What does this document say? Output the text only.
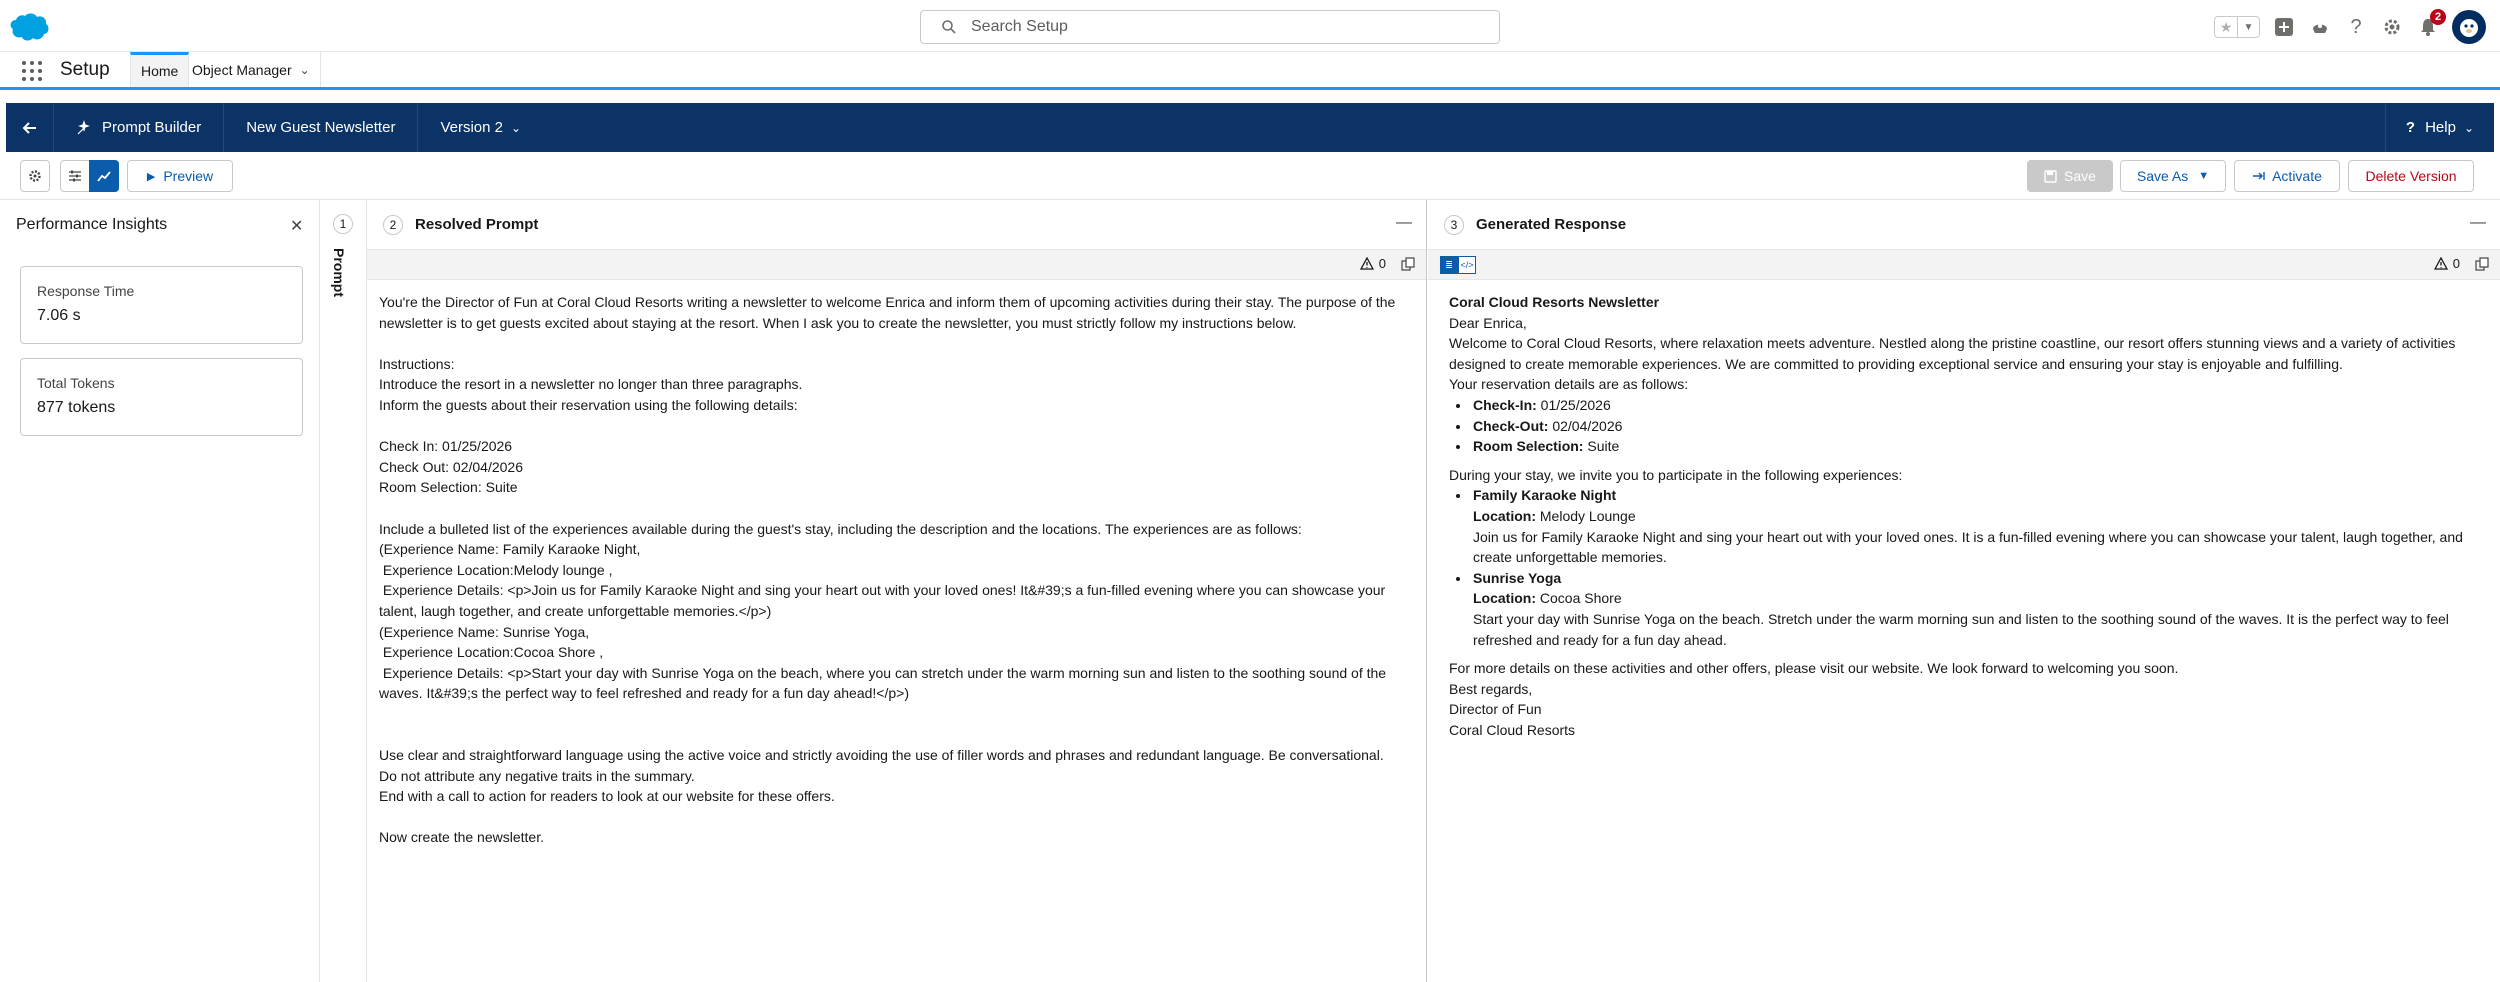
Search Setup
★	▼	?	2
Setup Home Object Manager ⌄
Prompt Builder	New Guest Newsletter	Version 2 ⌄	? Help ⌄
▶ Preview	Save	Save As ▼	Activate	Delete Version
Performance Insights	✕
Response Time
7.06 s
Total Tokens
877 tokens
1
Prompt
2	Resolved Prompt	—
0
You're the Director of Fun at Coral Cloud Resorts writing a newsletter to welcome Enrica and inform them of upcoming activities during their stay. The purpose of the newsletter is to get guests excited about staying at the resort. When I ask you to create the newsletter, you must strictly follow my instructions below.

Instructions:
Introduce the resort in a newsletter no longer than three paragraphs.
Inform the guests about their reservation using the following details:

Check In: 01/25/2026
Check Out: 02/04/2026
Room Selection: Suite

Include a bulleted list of the experiences available during the guest's stay, including the description and the locations. The experiences are as follows:
(Experience Name: Family Karaoke Night,
Experience Location:Melody lounge ,
Experience Details: <p>Join us for Family Karaoke Night and sing your heart out with your loved ones! It&#39;s a fun-filled evening where you can showcase your talent, laugh together, and create unforgettable memories.</p>)
(Experience Name: Sunrise Yoga,
Experience Location:Cocoa Shore ,
Experience Details: <p>Start your day with Sunrise Yoga on the beach, where you can stretch under the warm morning sun and listen to the soothing sound of the waves. It&#39;s the perfect way to feel refreshed and ready for a fun day ahead!</p>)

Use clear and straightforward language using the active voice and strictly avoiding the use of filler words and phrases and redundant language. Be conversational.
Do not attribute any negative traits in the summary.
End with a call to action for readers to look at our website for these offers.

Now create the newsletter.
3	Generated Response	—
≣ </>	0

Coral Cloud Resorts Newsletter

Dear Enrica,

Welcome to Coral Cloud Resorts, where relaxation meets adventure. Nestled along the pristine coastline, our resort offers stunning views and a variety of activities designed to create memorable experiences. We are committed to providing exceptional service and ensuring your stay is enjoyable and fulfilling.

Your reservation details are as follows:

• Check-In: 01/25/2026
• Check-Out: 02/04/2026
• Room Selection: Suite

During your stay, we invite you to participate in the following experiences:

• Family Karaoke Night
Location: Melody Lounge
Join us for Family Karaoke Night and sing your heart out with your loved ones. It is a fun-filled evening where you can showcase your talent, laugh together, and create unforgettable memories.
• Sunrise Yoga
Location: Cocoa Shore
Start your day with Sunrise Yoga on the beach. Stretch under the warm morning sun and listen to the soothing sound of the waves. It is the perfect way to feel refreshed and ready for a fun day ahead.

For more details on these activities and other offers, please visit our website. We look forward to welcoming you soon.

Best regards,

Director of Fun

Coral Cloud Resorts
